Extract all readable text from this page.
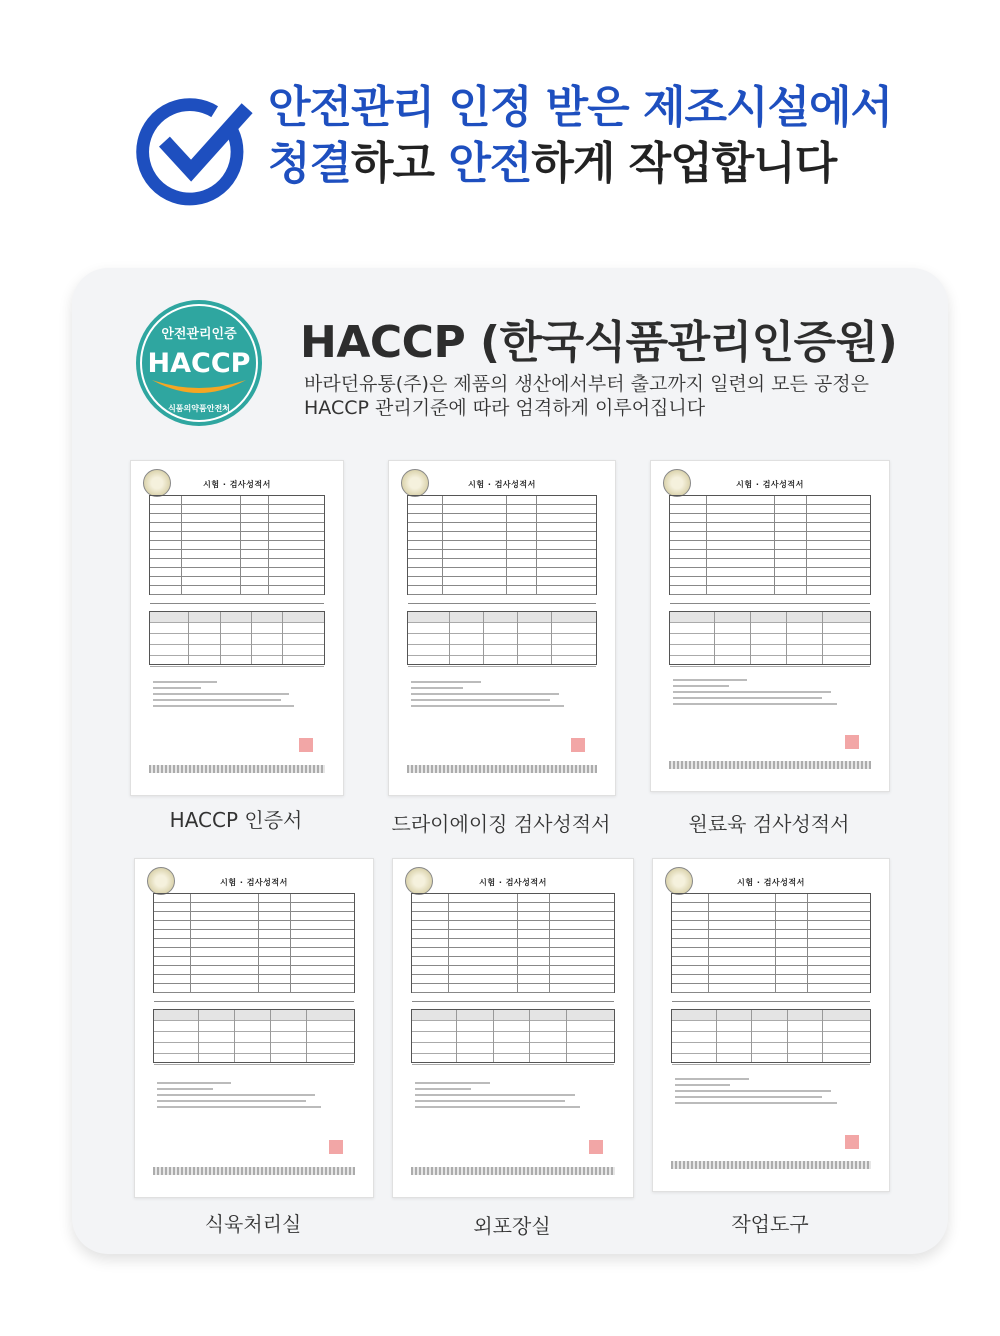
안전관리 인정 받은 제조시설에서
청결하고 안전하게 작업합니다
안전관리인증
HACCP
식품의약품안전처
HACCP (한국식품관리인증원)
바라던유통(주)은 제품의 생산에서부터 출고까지 일련의 모든 공정은
HACCP 관리기준에 따라 엄격하게 이루어집니다
시험 · 검사성적서
HACCP 인증서
시험 · 검사성적서
드라이에이징 검사성적서
시험 · 검사성적서
원료육 검사성적서
시험 · 검사성적서
식육처리실
시험 · 검사성적서
외포장실
시험 · 검사성적서
작업도구
